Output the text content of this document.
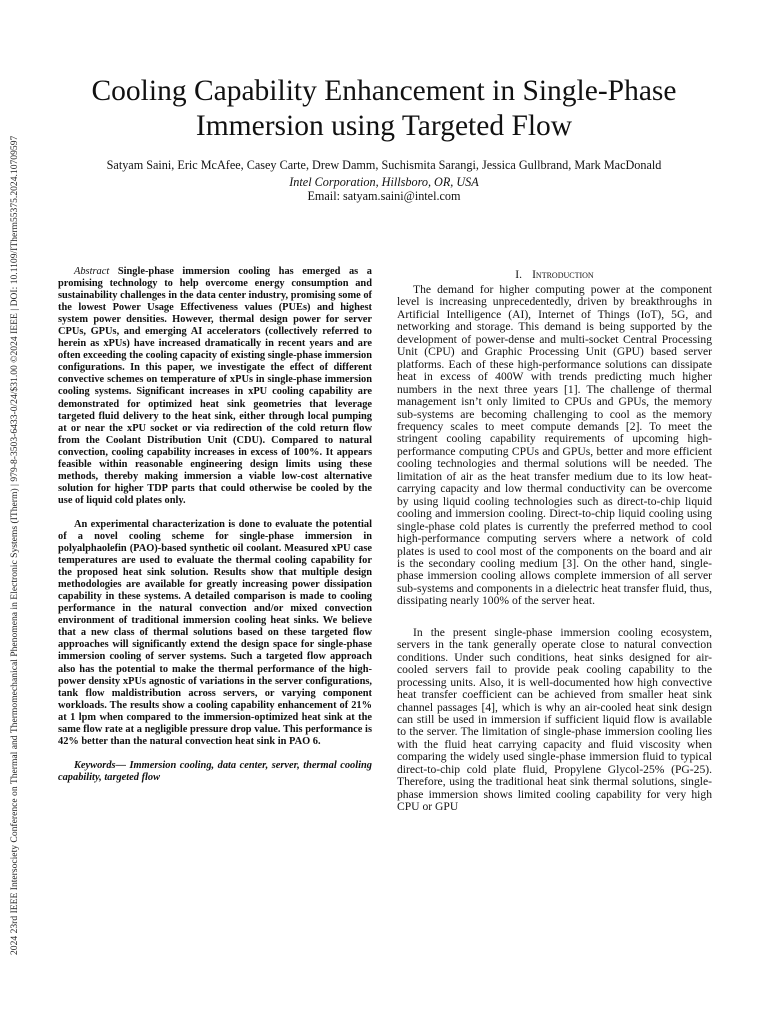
2024 23rd IEEE Intersociety Conference on Thermal and Thermomechanical Phenomena in Electronic Systems (ITherm) | 979-8-3503-6433-0/24/$31.00 ©2024 IEEE | DOI: 10.1109/ITherm55375.2024.10709597
Cooling Capability Enhancement in Single-Phase Immersion using Targeted Flow
Satyam Saini, Eric McAfee, Casey Carte, Drew Damm, Suchismita Sarangi, Jessica Gullbrand, Mark MacDonald
Intel Corporation, Hillsboro, OR, USA
Email: satyam.saini@intel.com

Abstract Single-phase immersion cooling has emerged as a promising technology to help overcome energy consumption and sustainability challenges in the data center industry, promising some of the lowest Power Usage Effectiveness values (PUEs) and highest system power densities. However, thermal design power for server CPUs, GPUs, and emerging AI accelerators (collectively referred to herein as xPUs) have increased dramatically in recent years and are often exceeding the cooling capacity of existing single-phase immersion configurations. In this paper, we investigate the effect of different convective schemes on temperature of xPUs in single-phase immersion cooling systems. Significant increases in xPU cooling capability are demonstrated for optimized heat sink geometries that leverage targeted fluid delivery to the heat sink, either through local pumping at or near the xPU socket or via redirection of the cold return flow from the Coolant Distribution Unit (CDU). Compared to natural convection, cooling capability increases in excess of 100%. It appears feasible within reasonable engineering design limits using these methods, thereby making immersion a viable low-cost alternative solution for higher TDP parts that could otherwise be cooled by the use of liquid cold plates only.

An experimental characterization is done to evaluate the potential of a novel cooling scheme for single-phase immersion in polyalphaolefin (PAO)-based synthetic oil coolant. Measured xPU case temperatures are used to evaluate the thermal cooling capability for the proposed heat sink solution. Results show that multiple design methodologies are available for greatly increasing power dissipation capability in these systems. A detailed comparison is made to cooling performance in the natural convection and/or mixed convection environment of traditional immersion cooling heat sinks. We believe that a new class of thermal solutions based on these targeted flow approaches will significantly extend the design space for single-phase immersion cooling of server systems. Such a targeted flow approach also has the potential to make the thermal performance of the high-power density xPUs agnostic of variations in the server configurations, tank flow maldistribution across servers, or varying component workloads. The results show a cooling capability enhancement of 21% at 1 lpm when compared to the immersion-optimized heat sink at the same flow rate at a negligible pressure drop value. This performance is 42% better than the natural convection heat sink in PAO 6.

Keywords— Immersion cooling, data center, server, thermal cooling capability, targeted flow

I. Introduction

The demand for higher computing power at the component level is increasing unprecedentedly, driven by breakthroughs in Artificial Intelligence (AI), Internet of Things (IoT), 5G, and networking and storage. This demand is being supported by the development of power-dense and multi-socket Central Processing Unit (CPU) and Graphic Processing Unit (GPU) based server platforms. Each of these high-performance solutions can dissipate heat in excess of 400W with trends predicting much higher numbers in the next three years [1]. The challenge of thermal management isn’t only limited to CPUs and GPUs, the memory sub-systems are becoming challenging to cool as the memory frequency scales to meet compute demands [2]. To meet the stringent cooling capability requirements of upcoming high-performance computing CPUs and GPUs, better and more efficient cooling technologies and thermal solutions will be needed. The limitation of air as the heat transfer medium due to its low heat-carrying capacity and low thermal conductivity can be overcome by using liquid cooling technologies such as direct-to-chip liquid cooling and immersion cooling. Direct-to-chip liquid cooling using single-phase cold plates is currently the preferred method to cool high-performance computing servers where a network of cold plates is used to cool most of the components on the board and air is the secondary cooling medium [3]. On the other hand, single-phase immersion cooling allows complete immersion of all server sub-systems and components in a dielectric heat transfer fluid, thus, dissipating nearly 100% of the server heat.

In the present single-phase immersion cooling ecosystem, servers in the tank generally operate close to natural convection conditions. Under such conditions, heat sinks designed for air-cooled servers fail to provide peak cooling capability to the processing units. Also, it is well-documented how high convective heat transfer coefficient can be achieved from smaller heat sink channel passages [4], which is why an air-cooled heat sink design can still be used in immersion if sufficient liquid flow is available to the server. The limitation of single-phase immersion cooling lies with the fluid heat carrying capacity and fluid viscosity when comparing the widely used single-phase immersion fluid to typical direct-to-chip cold plate fluid, Propylene Glycol-25% (PG-25). Therefore, using the traditional heat sink thermal solutions, single-phase immersion shows limited cooling capability for very high CPU or GPU
